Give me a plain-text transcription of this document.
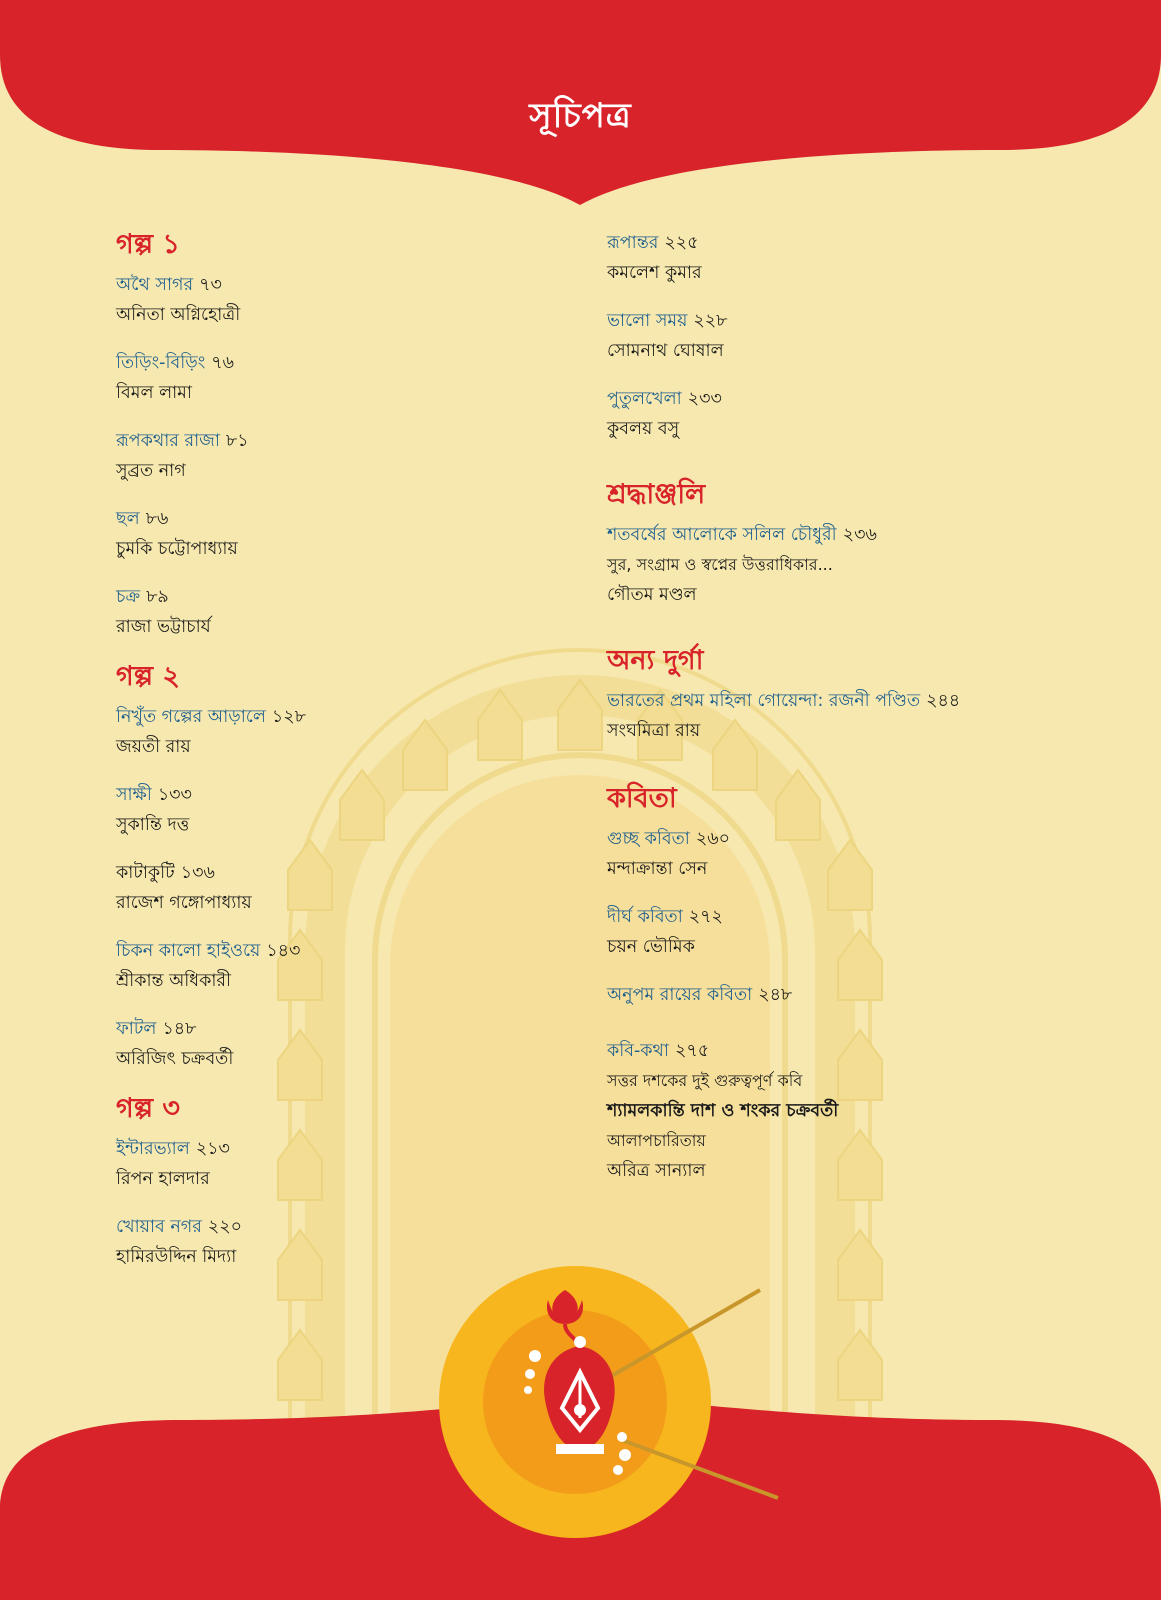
সূচিপত্র
গল্প ১
অথৈ সাগর ৭৩
অনিতা অগ্নিহোত্রী
তিড়িং-বিড়িং ৭৬
বিমল লামা
রূপকথার রাজা ৮১
সুব্রত নাগ
ছল ৮৬
চুমকি চট্টোপাধ্যায়
চক্র ৮৯
রাজা ভট্টাচার্য
গল্প ২
নিখুঁত গল্পের আড়ালে ১২৮
জয়তী রায়
সাক্ষী ১৩৩
সুকান্তি দত্ত
কাটাকুটি ১৩৬
রাজেশ গঙ্গোপাধ্যায়
চিকন কালো হাইওয়ে ১৪৩
শ্রীকান্ত অধিকারী
ফাটল ১৪৮
অরিজিৎ চক্রবর্তী
গল্প ৩
ইন্টারভ্যাল ২১৩
রিপন হালদার
খোয়াব নগর ২২০
হামিরউদ্দিন মিদ্যা
রূপান্তর ২২৫
কমলেশ কুমার
ভালো সময় ২২৮
সোমনাথ ঘোষাল
পুতুলখেলা ২৩৩
কুবলয় বসু
শ্রদ্ধাঞ্জলি
শতবর্ষের আলোকে সলিল চৌধুরী ২৩৬
সুর, সংগ্রাম ও স্বপ্নের উত্তরাধিকার...
গৌতম মণ্ডল
অন্য দুর্গা
ভারতের প্রথম মহিলা গোয়েন্দা: রজনী পণ্ডিত ২৪৪
সংঘমিত্রা রায়
কবিতা
গুচ্ছ কবিতা ২৬০
মন্দাক্রান্তা সেন
দীর্ঘ কবিতা ২৭২
চয়ন ভৌমিক
অনুপম রায়ের কবিতা ২৪৮
কবি-কথা ২৭৫
সত্তর দশকের দুই গুরুত্বপূর্ণ কবি
শ্যামলকান্তি দাশ ও শংকর চক্রবর্তী
আলাপচারিতায়
অরিত্র সান্যাল
